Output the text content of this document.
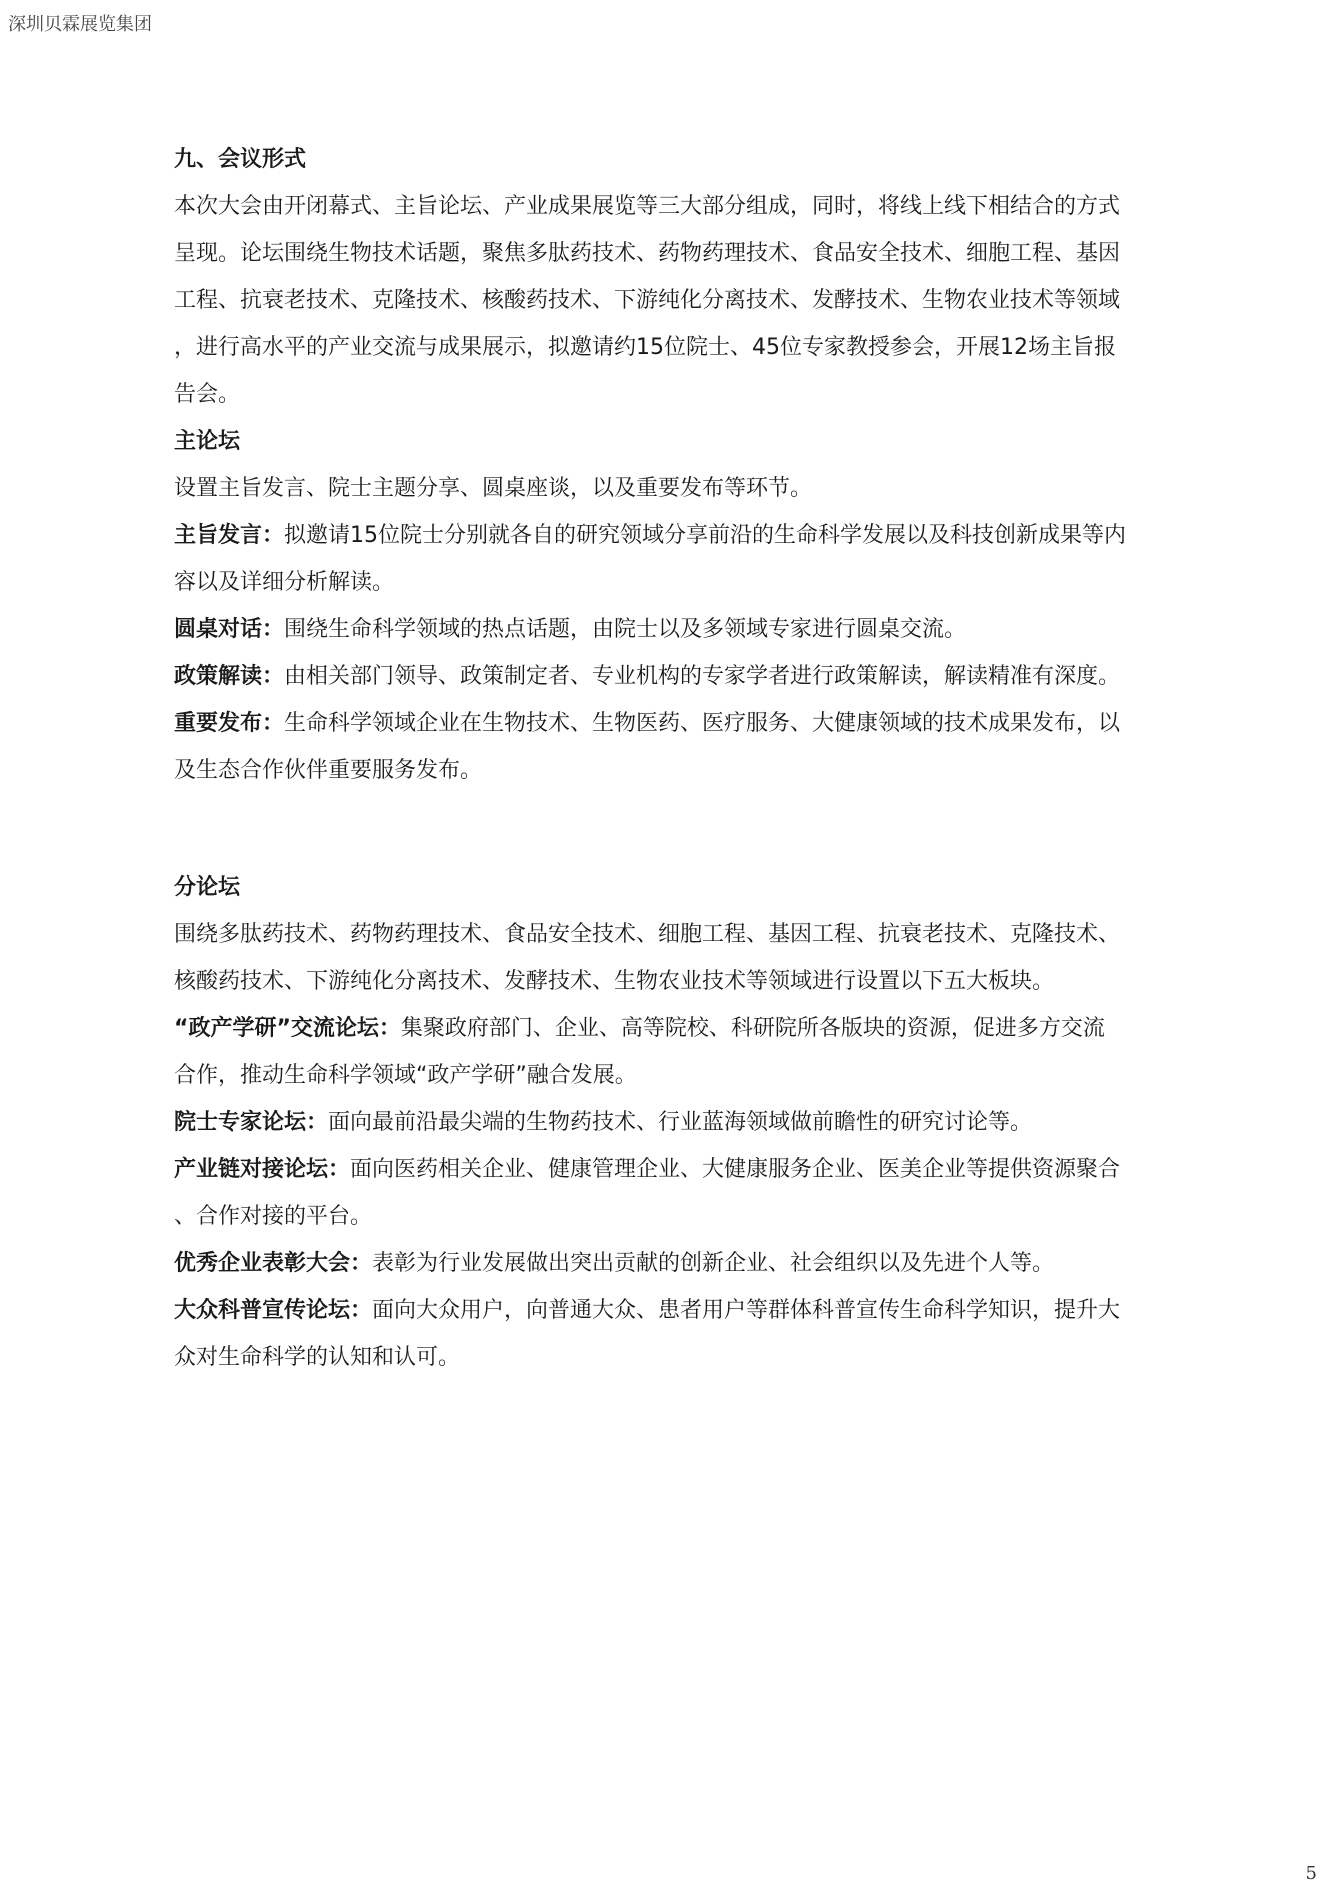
深圳贝霖展览集团

九、会议形式

本次大会由开闭幕式、主旨论坛、产业成果展览等三大部分组成，同时，将线上线下相结合的方式

呈现。论坛围绕生物技术话题，聚焦多肽药技术、药物药理技术、食品安全技术、细胞工程、基因

工程、抗衰老技术、克隆技术、核酸药技术、下游纯化分离技术、发酵技术、生物农业技术等领域

，进行高水平的产业交流与成果展示，拟邀请约15位院士、45位专家教授参会，开展12场主旨报

告会。

主论坛

设置主旨发言、院士主题分享、圆桌座谈，以及重要发布等环节。

主旨发言：拟邀请15位院士分别就各自的研究领域分享前沿的生命科学发展以及科技创新成果等内

容以及详细分析解读。

圆桌对话：围绕生命科学领域的热点话题，由院士以及多领域专家进行圆桌交流。

政策解读：由相关部门领导、政策制定者、专业机构的专家学者进行政策解读，解读精准有深度。

重要发布：生命科学领域企业在生物技术、生物医药、医疗服务、大健康领域的技术成果发布，以

及生态合作伙伴重要服务发布。

分论坛

围绕多肽药技术、药物药理技术、食品安全技术、细胞工程、基因工程、抗衰老技术、克隆技术、

核酸药技术、下游纯化分离技术、发酵技术、生物农业技术等领域进行设置以下五大板块。

“政产学研”交流论坛：集聚政府部门、企业、高等院校、科研院所各版块的资源，促进多方交流

合作，推动生命科学领域“政产学研”融合发展。

院士专家论坛：面向最前沿最尖端的生物药技术、行业蓝海领域做前瞻性的研究讨论等。

产业链对接论坛：面向医药相关企业、健康管理企业、大健康服务企业、医美企业等提供资源聚合

、合作对接的平台。

优秀企业表彰大会：表彰为行业发展做出突出贡献的创新企业、社会组织以及先进个人等。

大众科普宣传论坛：面向大众用户，向普通大众、患者用户等群体科普宣传生命科学知识，提升大

众对生命科学的认知和认可。

5
